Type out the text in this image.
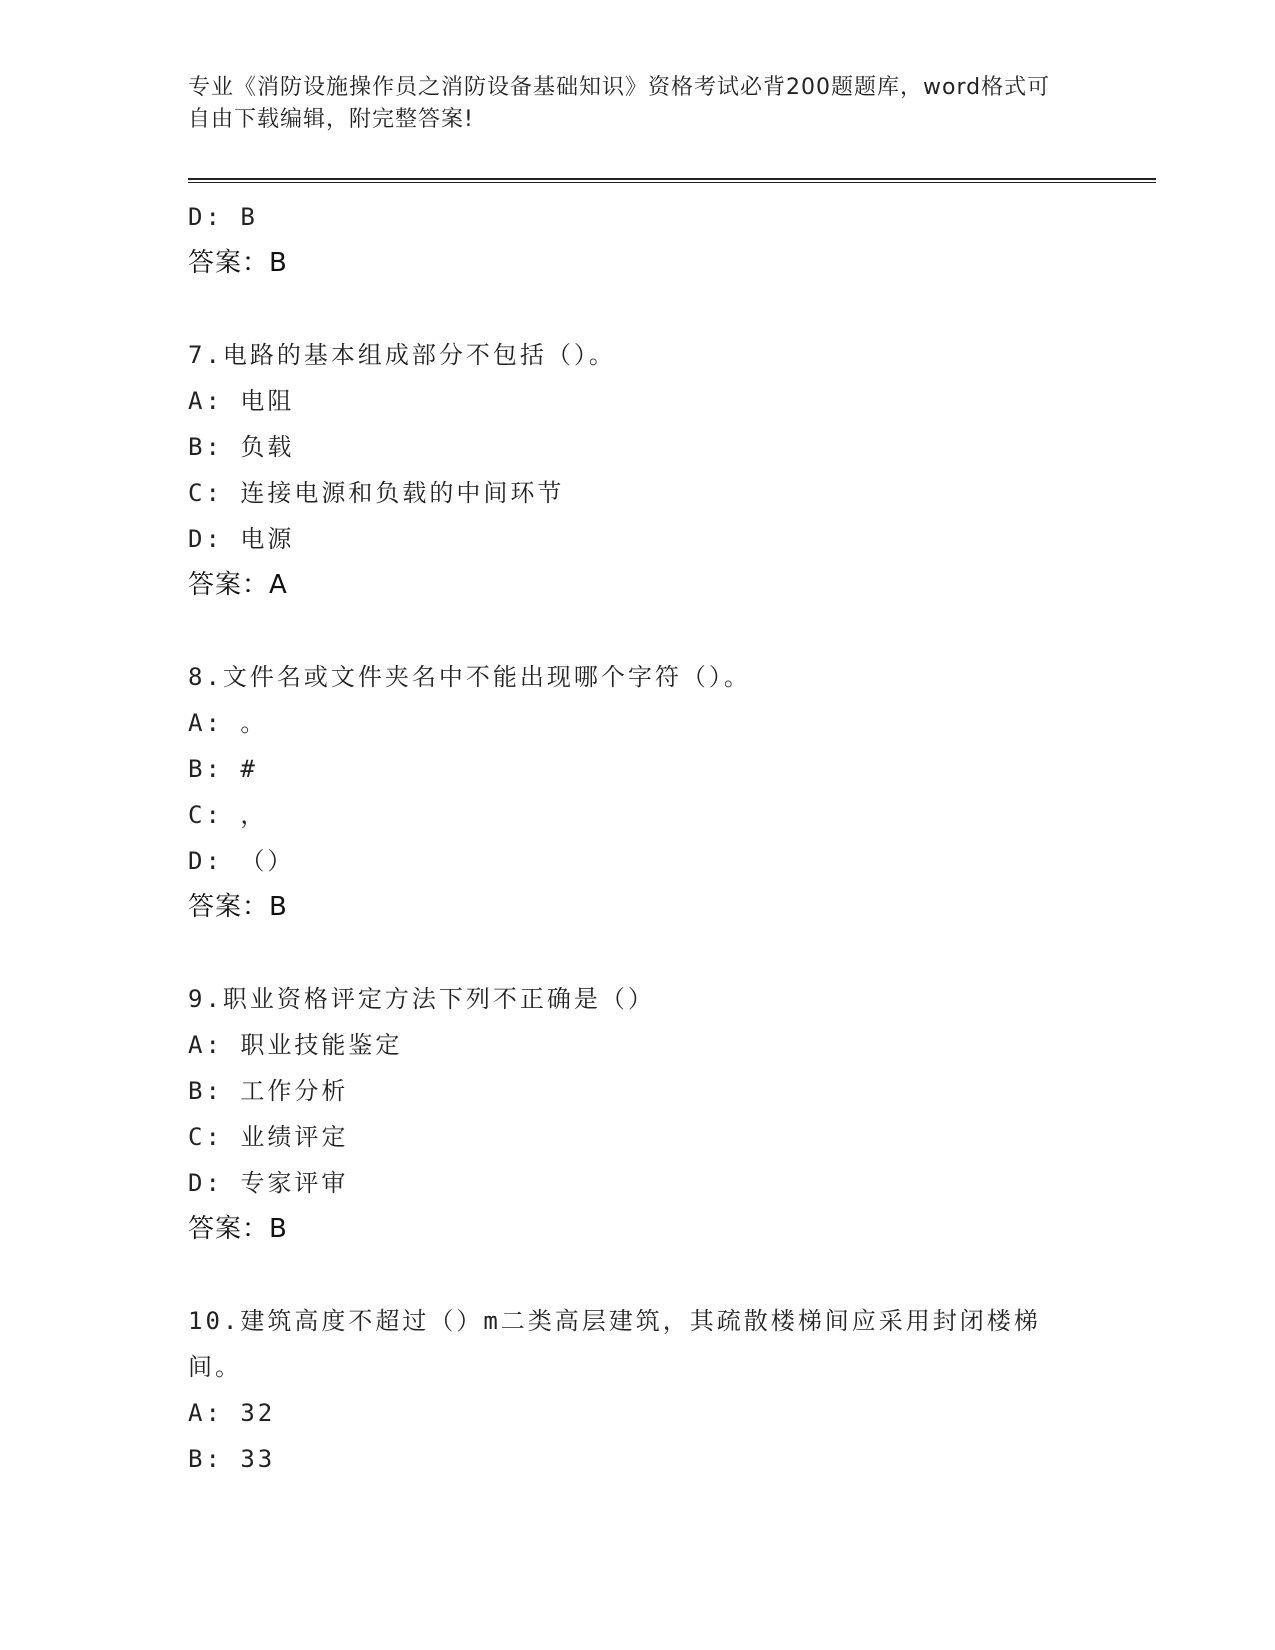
专业《消防设施操作员之消防设备基础知识》资格考试必背200题题库，word格式可自由下载编辑，附完整答案!
D: B
答案：B
7.电路的基本组成部分不包括（）。
A: 电阻
B: 负载
C: 连接电源和负载的中间环节
D: 电源
答案：A
8.文件名或文件夹名中不能出现哪个字符（）。
A: 。
B: #
C: ，
D: （）
答案：B
9.职业资格评定方法下列不正确是（）
A: 职业技能鉴定
B: 工作分析
C: 业绩评定
D: 专家评审
答案：B
10.建筑高度不超过（）m二类高层建筑，其疏散楼梯间应采用封闭楼梯间。
A: 32
B: 33
